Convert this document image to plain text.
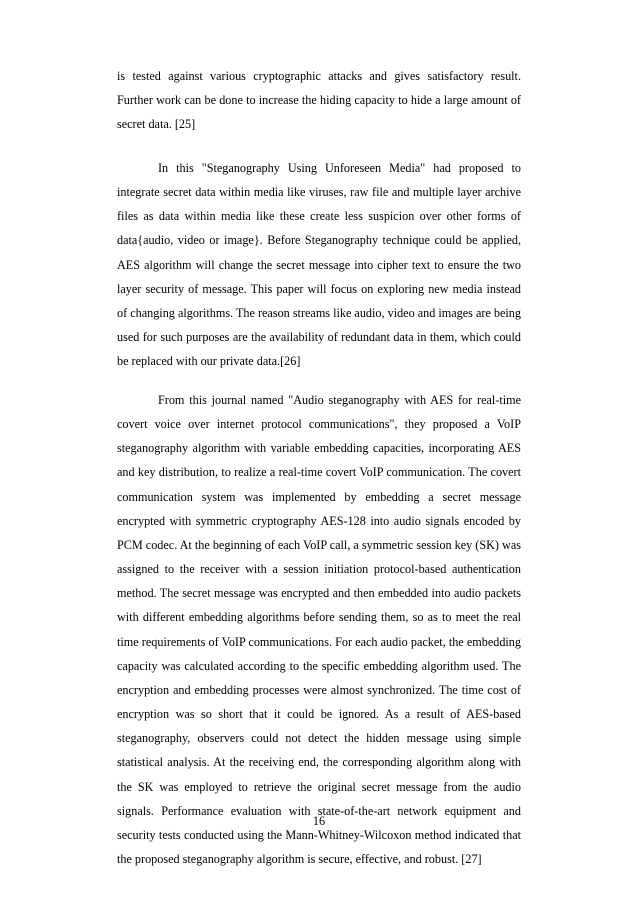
is tested against various cryptographic attacks and gives satisfactory result. Further work can be done to increase the hiding capacity to hide a large amount of secret data. [25]

In this "Steganography Using Unforeseen Media" had proposed to integrate secret data within media like viruses, raw file and multiple layer archive files as data within media like these create less suspicion over other forms of data{audio, video or image}. Before Steganography technique could be applied, AES algorithm will change the secret message into cipher text to ensure the two layer security of message. This paper will focus on exploring new media instead of changing algorithms. The reason streams like audio, video and images are being used for such purposes are the availability of redundant data in them, which could be replaced with our private data.[26]

From this journal named "Audio steganography with AES for real-time covert voice over internet protocol communications", they proposed a VoIP steganography algorithm with variable embedding capacities, incorporating AES and key distribution, to realize a real-time covert VoIP communication. The covert communication system was implemented by embedding a secret message encrypted with symmetric cryptography AES-128 into audio signals encoded by PCM codec. At the beginning of each VoIP call, a symmetric session key (SK) was assigned to the receiver with a session initiation protocol-based authentication method. The secret message was encrypted and then embedded into audio packets with different embedding algorithms before sending them, so as to meet the real time requirements of VoIP communications. For each audio packet, the embedding capacity was calculated according to the specific embedding algorithm used. The encryption and embedding processes were almost synchronized. The time cost of encryption was so short that it could be ignored. As a result of AES-based steganography, observers could not detect the hidden message using simple statistical analysis. At the receiving end, the corresponding algorithm along with the SK was employed to retrieve the original secret message from the audio signals. Performance evaluation with state-of-the-art network equipment and security tests conducted using the Mann-Whitney-Wilcoxon method indicated that the proposed steganography algorithm is secure, effective, and robust. [27]

16
